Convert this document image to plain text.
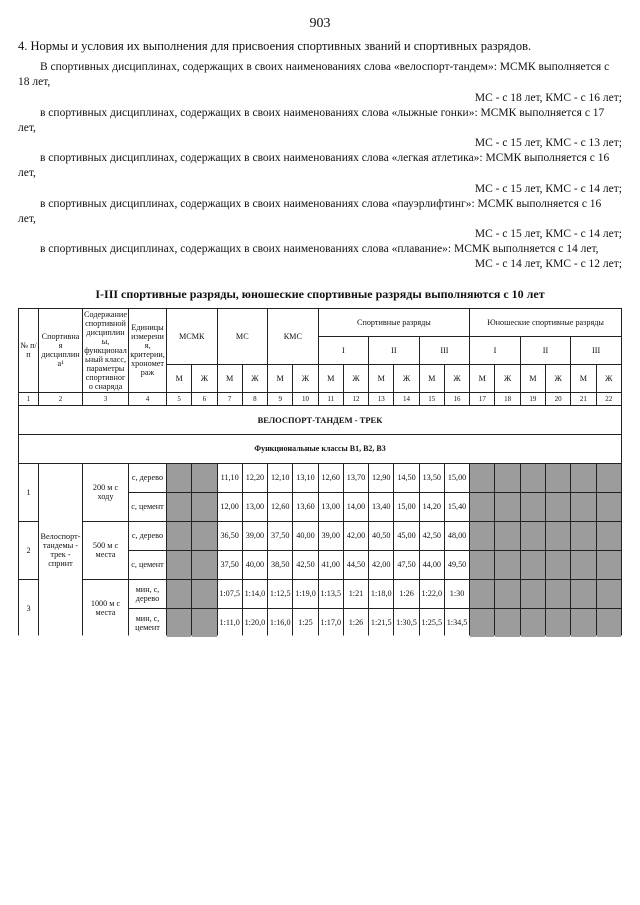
903
4. Нормы и условия их выполнения для присвоения спортивных званий и спортивных разрядов.
В спортивных дисциплинах, содержащих в своих наименованиях слова «велоспорт-тандем»: МСМК выполняется с 18 лет,
МС - с 18 лет, КМС - с 16 лет;
в спортивных дисциплинах, содержащих в своих наименованиях слова «лыжные гонки»: МСМК выполняется с 17 лет,
МС - с 15 лет, КМС - с 13 лет;
в спортивных дисциплинах, содержащих в своих наименованиях слова «легкая атлетика»: МСМК выполняется с 16 лет,
МС - с 15 лет, КМС - с 14 лет;
в спортивных дисциплинах, содержащих в своих наименованиях слова «пауэрлифтинг»: МСМК выполняется с 16 лет,
МС - с 15 лет, КМС - с 14 лет;
в спортивных дисциплинах, содержащих в своих наименованиях слова «плавание»: МСМК выполняется с 14 лет,
МС - с 14 лет, КМС - с 12 лет;
I-III спортивные разряды, юношеские спортивные разряды выполняются с 10 лет
№ п/п	Спортивная дисциплина¹	Содержание спортивной дисциплины, функциональный класс, параметры спортивного снаряда	Единицы измерения, критерии, хронометраж	МСМК		МС		КМС		Спортивные разряды						Юношеские спортивные разряды					
										I		II		III		I		II		III	
				М	Ж	М	Ж	М	Ж	М	Ж	М	Ж	М	Ж	М	Ж	М	Ж	М	Ж
1	2	3	4	5	6	7	8	9	10	11	12	13	14	15	16	17	18	19	20	21	22
ВЕЛОСПОРТ-ТАНДЕМ - ТРЕК																					
Функциональные классы В1, В2, В3																					
1	Велоспорт-тандемы - трек - спринт	200 м с ходу	с, дерево			11,10	12,20	12,10	13,10	12,60	13,70	12,90	14,50	13,50	15,00						
			с, цемент			12,00	13,00	12,60	13,60	13,00	14,00	13,40	15,00	14,20	15,40						
2		500 м с места	с, дерево			36,50	39,00	37,50	40,00	39,00	42,00	40,50	45,00	42,50	48,00						
			с, цемент			37,50	40,00	38,50	42,50	41,00	44,50	42,00	47,50	44,00	49,50						
3		1000 м с места	мин, с, дерево			1:07,5	1:14,0	1:12,5	1:19,0	1:13,5	1:21	1:18,0	1:26	1:22,0	1:30						
			мин, с, цемент			1:11,0	1:20,0	1:16,0	1:25	1:17,0	1:26	1:21,5	1:30,5	1:25,5	1:34,5						
